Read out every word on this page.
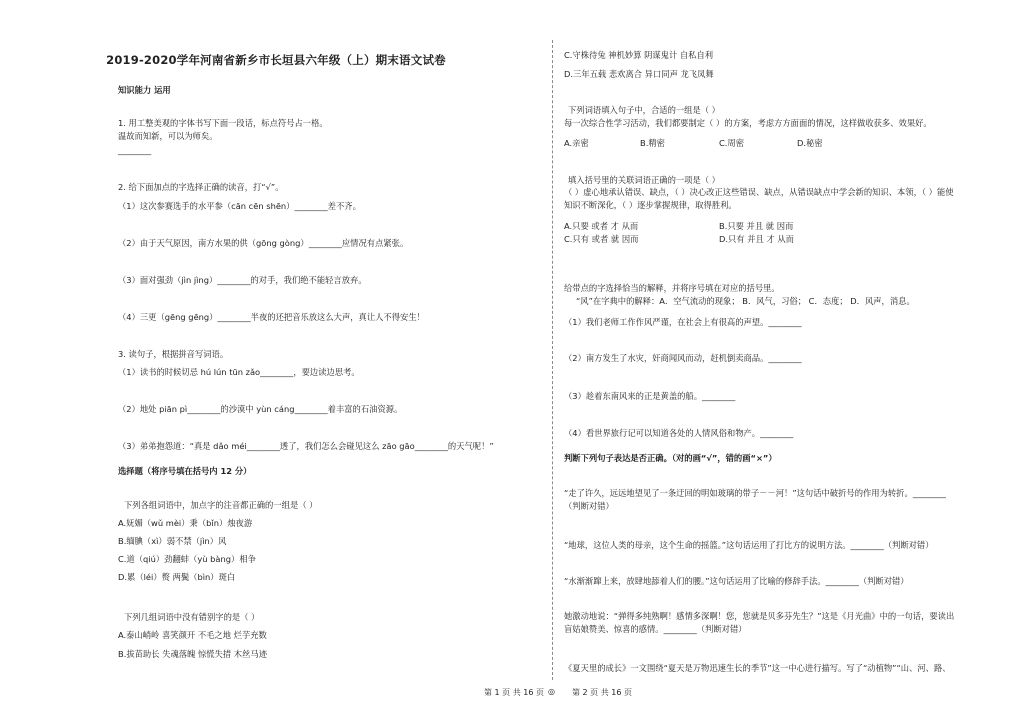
2019-2020学年河南省新乡市长垣县六年级（上）期末语文试卷
知识能力 运用
1. 用工整美观的字体书写下面一段话，标点符号占一格。
温故而知新，可以为师矣。
________
2. 给下面加点的字选择正确的读音，打“√”。
（1）这次参赛选手的水平参（cān cēn shēn）________差不齐。
（2）由于天气原因，南方水果的供（gōng gòng）________应情况有点紧张。
（3）面对强劲（jìn jìng）________的对手，我们绝不能轻言放弃。
（4）三更（gēng gēng）________半夜的还把音乐放这么大声，真让人不得安生！
3. 读句子，根据拼音写词语。
（1）读书的时候切忌 hú lún tūn zǎo________，要边读边思考。
（2）地处 piān pì________的沙漠中 yùn cáng________着丰富的石油资源。
（3）弟弟抱怨道：“真是 dǎo méi________透了，我们怎么会碰见这么 zāo gāo________的天气呢！”
选择题（将序号填在括号内 12 分）
下列各组词语中，加点字的注音都正确的一组是（ ）
A.妩媚（wǔ mèi）秉（bǐn）烛夜游
B.缅腆（xì）弱不禁（jìn）风
C.道（qiú）劲翻蚌（yù bàng）相争
D.累（léi）赘 两鬓（bìn）斑白
下列几组词语中没有错别字的是（ ）
A.泰山峭岭 喜笑颜开 不毛之地 烂芋充数
B.拔苗助长 失魂落魄 惊慌失措 木丝马迹
C.守株待兔 神机妙算 阴谋鬼计 自私自利
D.三年五载 悲欢离合 异口同声 龙飞凤舞
下列词语填入句子中，合适的一组是（ ）
每一次综合性学习活动，我们都要制定（ ）的方案，考虑方方面面的情况，这样做收获多、效果好。
A.亲密	B.精密	C.周密	D.秘密
填入括号里的关联词语正确的一项是（ ）
（ ）虚心地承认错误、缺点，（ ）决心改正这些错误、缺点，从错误缺点中学会新的知识、本领，（ ）能使
知识不断深化，（ ）逐步掌握规律，取得胜利。
A.只要 或者 才 从而	B.只要 并且 就 因而
C.只有 或者 就 因而	D.只有 并且 才 从而
给带点的字选择恰当的解释，并将序号填在对应的括号里。
“风”在字典中的解释：A．空气流动的现象； B．风气，习俗； C．态度； D．风声，消息。
（1）我们老师工作作风严谨，在社会上有很高的声望。________
（2）南方发生了水灾，奸商闻风而动，赶机倒卖商品。________
（3）趁着东南风来的正是黄盖的船。________
（4）看世界旅行记可以知道各处的人情风俗和物产。________
判断下列句子表达是否正确。（对的画“√”，错的画“×”）
“走了许久，远远地望见了一条迂回的明如玻璃的带子－－河！”这句话中破折号的作用为转折。________
（判断对错）
“地球，这位人类的母亲，这个生命的摇篮。”这句话运用了打比方的说明方法。________（判断对错）
“水渐渐蹿上来，放肆地舔着人们的腰。”这句话运用了比喻的修辞手法。________（判断对错）
她激动地说：“弹得多纯熟啊！感情多深啊！您，您就是贝多芬先生？”这是《月光曲》中的一句话，要读出
盲姑娘赞美、惊喜的感情。________（判断对错）
《夏天里的成长》一文围绕“夏天是万物迅速生长的季节”这一中心进行描写。写了“动植物”“山、河、路、
第 1 页 共 16 页 ◎ 第 2 页 共 16 页
